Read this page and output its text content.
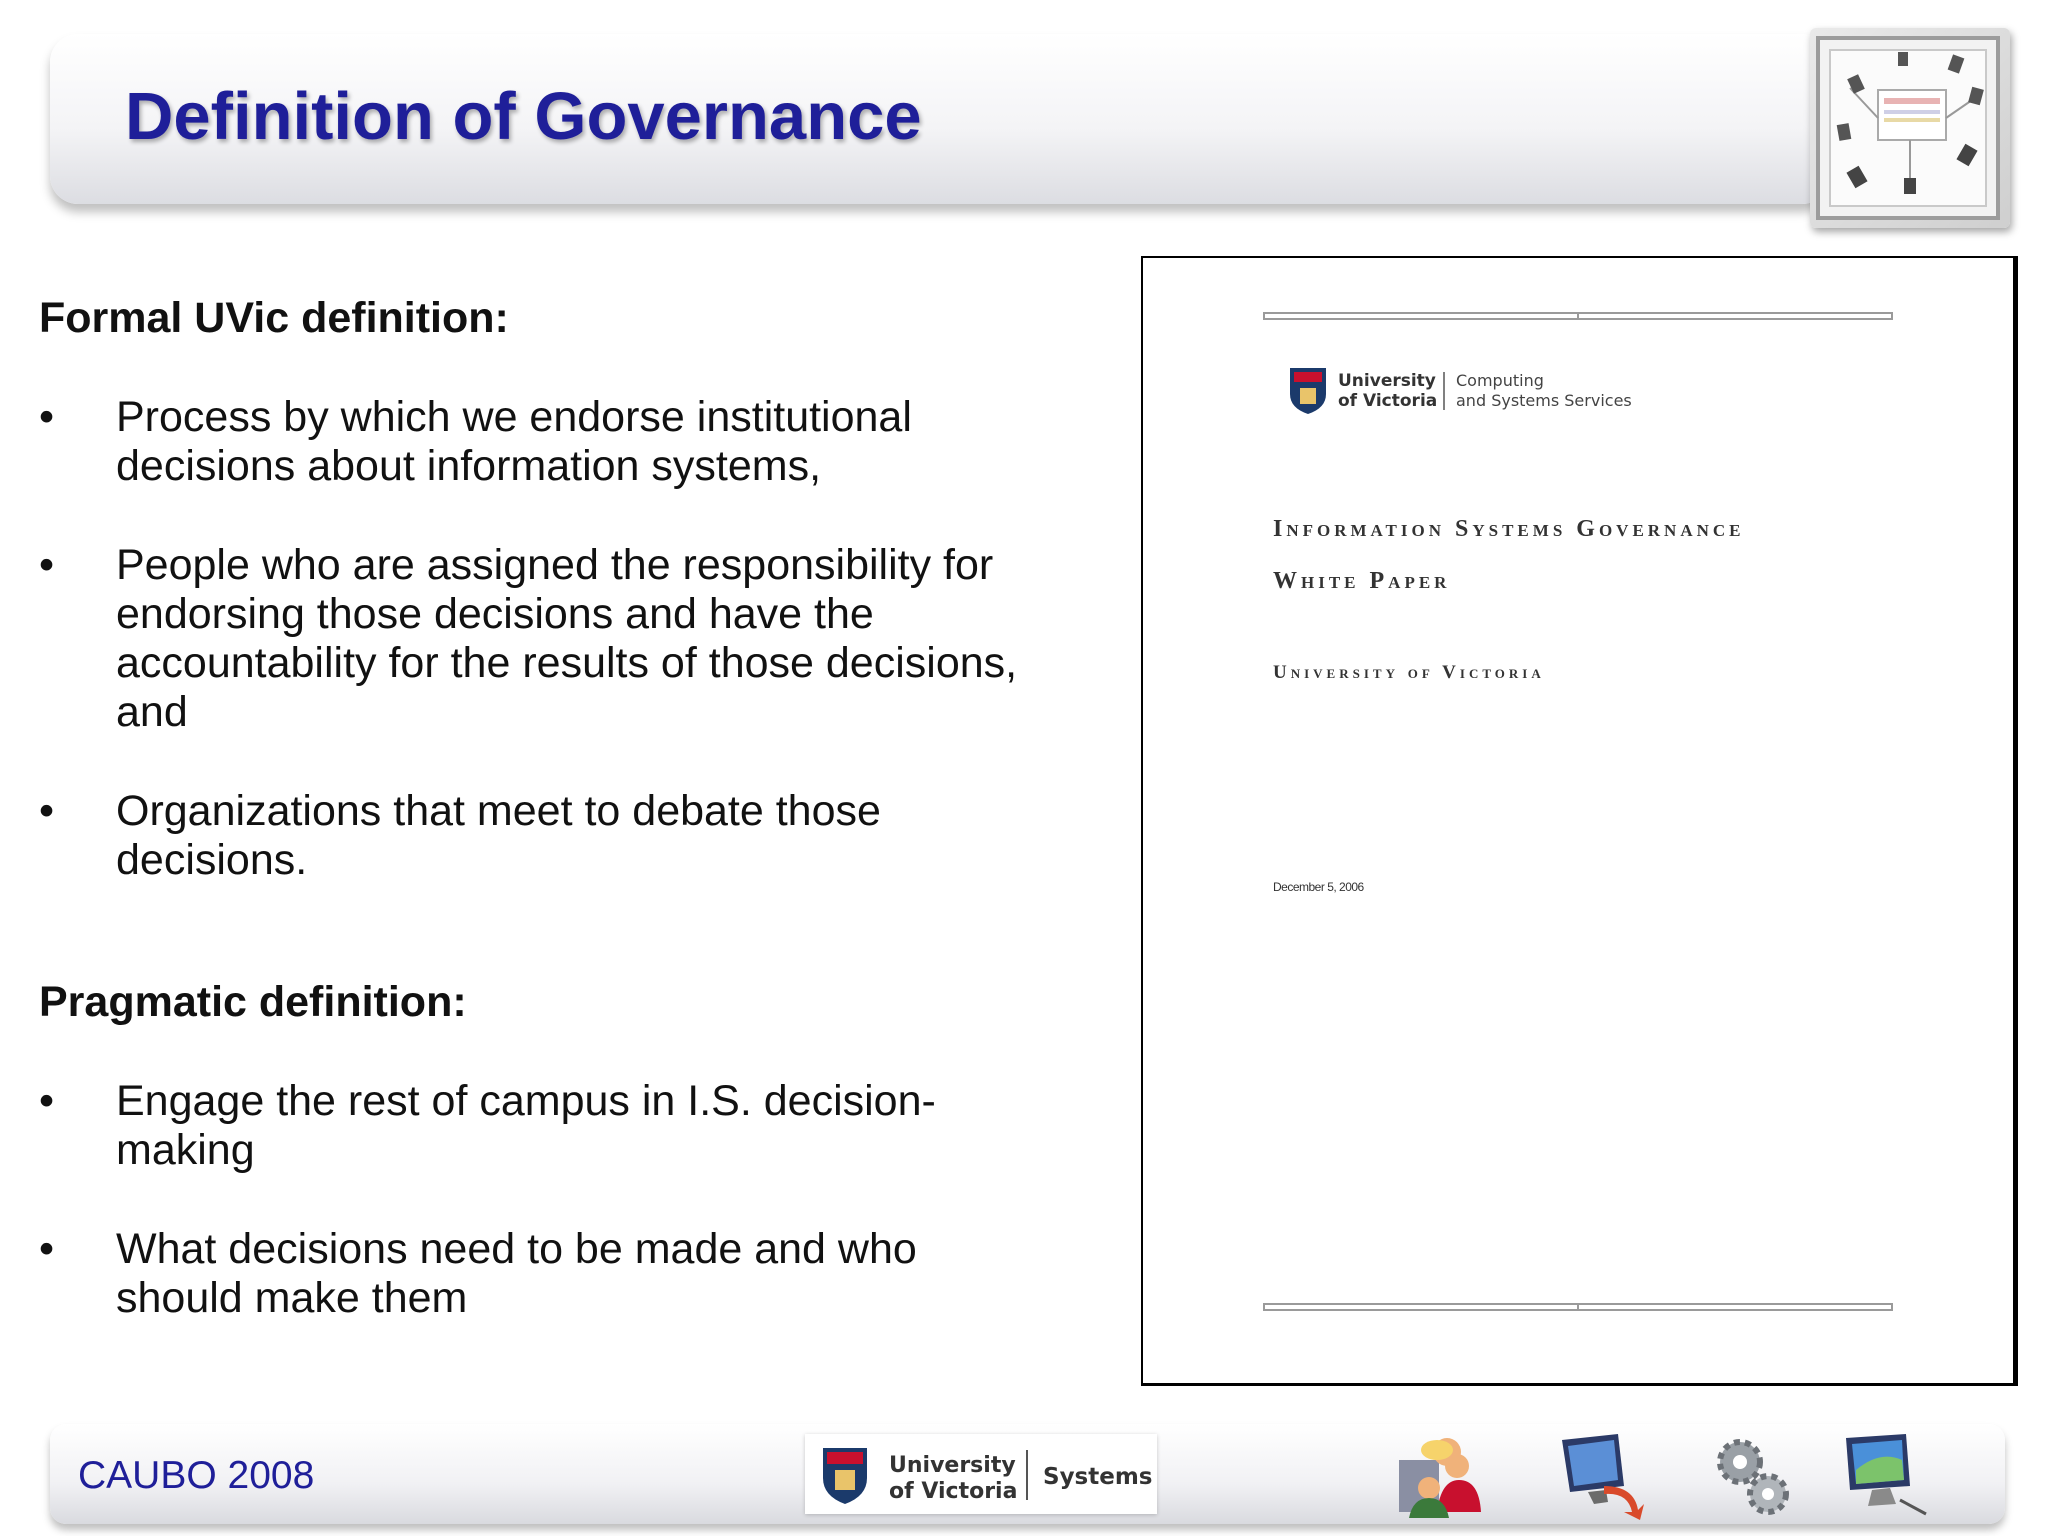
Definition of Governance
Formal UVic definition:
• Process by which we endorse institutional decisions about information systems,
• People who are assigned the responsibility for endorsing those decisions and have the accountability for the results of those decisions, and
• Organizations that meet to debate those decisions.
Pragmatic definition:
• Engage the rest of campus in I.S. decision-making
• What decisions need to be made and who should make them
University
of Victoria
Computing
and Systems Services

Information Systems Governance

White Paper

University of Victoria

December 5, 2006

CAUBO 2008	University
of Victoria
Systems
